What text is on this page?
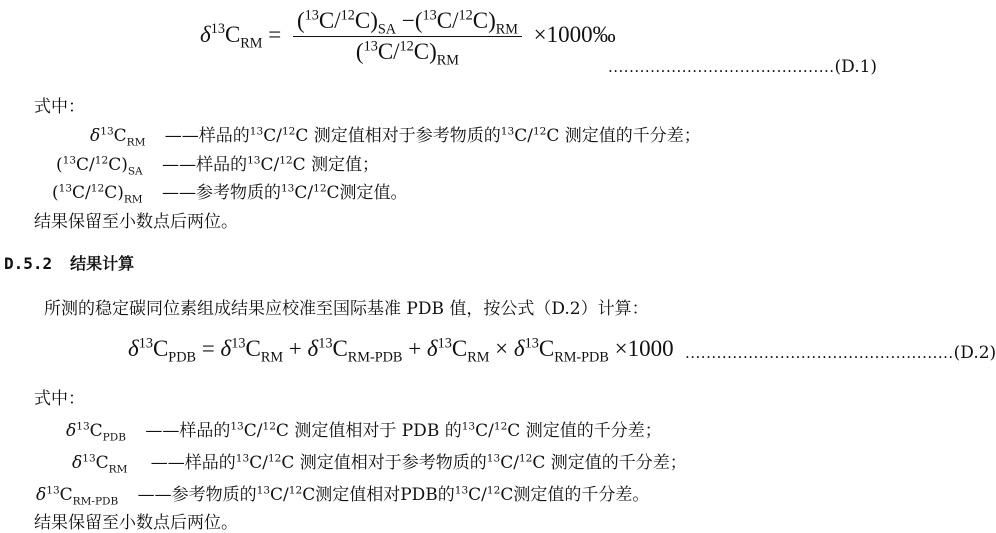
$\delta^{13}C_{RM} = \frac{(^{13}C/^{12}C)_{SA} -(^{13}C/^{12}C)_{RM}}{(^{13}C/^{12}C)_{RM}}$ ×1000‰
...........................................(D.1)
式中：
$\delta^{13}C_{RM}$ ——样品的$^{13}$C/$^{12}$C 测定值相对于参考物质的$^{13}$C/$^{12}$C 测定值的千分差；
$(^{13}C/^{12}C)_{SA}$ ——样品的$^{13}$C/$^{12}$C 测定值；
$(^{13}C/^{12}C)_{RM}$ ——参考物质的$^{13}$C/$^{12}$C测定值。
结果保留至小数点后两位。
D.5.2 结果计算
所测的稳定碳同位素组成结果应校准至国际基准 PDB 值，按公式（D.2）计算：
$\delta^{13}C_{PDB} = \delta^{13}C_{RM} + \delta^{13}C_{RM-PDB} + \delta^{13}C_{RM} \times \delta^{13}C_{RM-PDB} \times 1000$ ...................................................(D.2)
式中：
$\delta^{13}C_{PDB}$ ——样品的$^{13}$C/$^{12}$C 测定值相对于 PDB 的$^{13}$C/$^{12}$C 测定值的千分差；
$\delta^{13}C_{RM}$ ——样品的$^{13}$C/$^{12}$C 测定值相对于参考物质的$^{13}$C/$^{12}$C 测定值的千分差；
$\delta^{13}C_{RM-PDB}$ ——参考物质的$^{13}$C/$^{12}$C测定值相对PDB的$^{13}$C/$^{12}$C测定值的千分差。
结果保留至小数点后两位。
